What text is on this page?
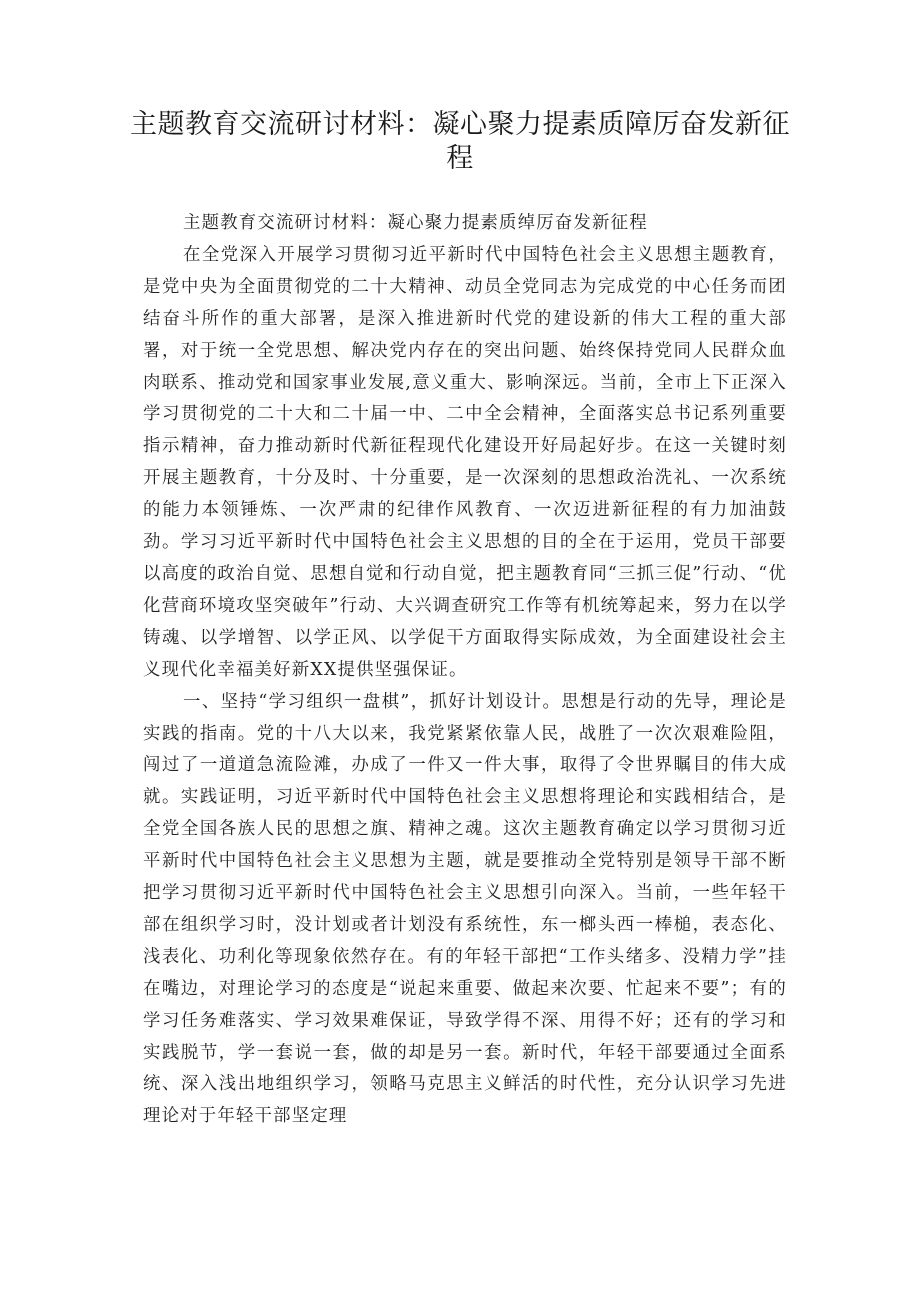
主题教育交流研讨材料：凝心聚力提素质障厉奋发新征程

主题教育交流研讨材料：凝心聚力提素质绰厉奋发新征程

在全党深入开展学习贯彻习近平新时代中国特色社会主义思想主题教育，是党中央为全面贯彻党的二十大精神、动员全党同志为完成党的中心任务而团结奋斗所作的重大部署，是深入推进新时代党的建设新的伟大工程的重大部署，对于统一全党思想、解决党内存在的突出问题、始终保持党同人民群众血肉联系、推动党和国家事业发展,意义重大、影响深远。当前，全市上下正深入学习贯彻党的二十大和二十届一中、二中全会精神，全面落实总书记系列重要指示精神，奋力推动新时代新征程现代化建设开好局起好步。在这一关键时刻开展主题教育，十分及时、十分重要，是一次深刻的思想政治洗礼、一次系统的能力本领锤炼、一次严肃的纪律作风教育、一次迈进新征程的有力加油鼓劲。学习习近平新时代中国特色社会主义思想的目的全在于运用，党员干部要以高度的政治自觉、思想自觉和行动自觉，把主题教育同“三抓三促”行动、“优化营商环境攻坚突破年”行动、大兴调查研究工作等有机统筹起来，努力在以学铸魂、以学增智、以学正风、以学促干方面取得实际成效，为全面建设社会主义现代化幸福美好新XX提供坚强保证。

一、坚持“学习组织一盘棋”，抓好计划设计。思想是行动的先导，理论是实践的指南。党的十八大以来，我党紧紧依靠人民，战胜了一次次艰难险阻，闯过了一道道急流险滩，办成了一件又一件大事，取得了令世界瞩目的伟大成就。实践证明，习近平新时代中国特色社会主义思想将理论和实践相结合，是全党全国各族人民的思想之旗、精神之魂。这次主题教育确定以学习贯彻习近平新时代中国特色社会主义思想为主题，就是要推动全党特别是领导干部不断把学习贯彻习近平新时代中国特色社会主义思想引向深入。当前，一些年轻干部在组织学习时，没计划或者计划没有系统性，东一榔头西一棒槌，表态化、浅表化、功利化等现象依然存在。有的年轻干部把“工作头绪多、没精力学”挂在嘴边，对理论学习的态度是“说起来重要、做起来次要、忙起来不要”；有的学习任务难落实、学习效果难保证，导致学得不深、用得不好；还有的学习和实践脱节，学一套说一套，做的却是另一套。新时代，年轻干部要通过全面系统、深入浅出地组织学习，领略马克思主义鲜活的时代性，充分认识学习先进理论对于年轻干部坚定理
